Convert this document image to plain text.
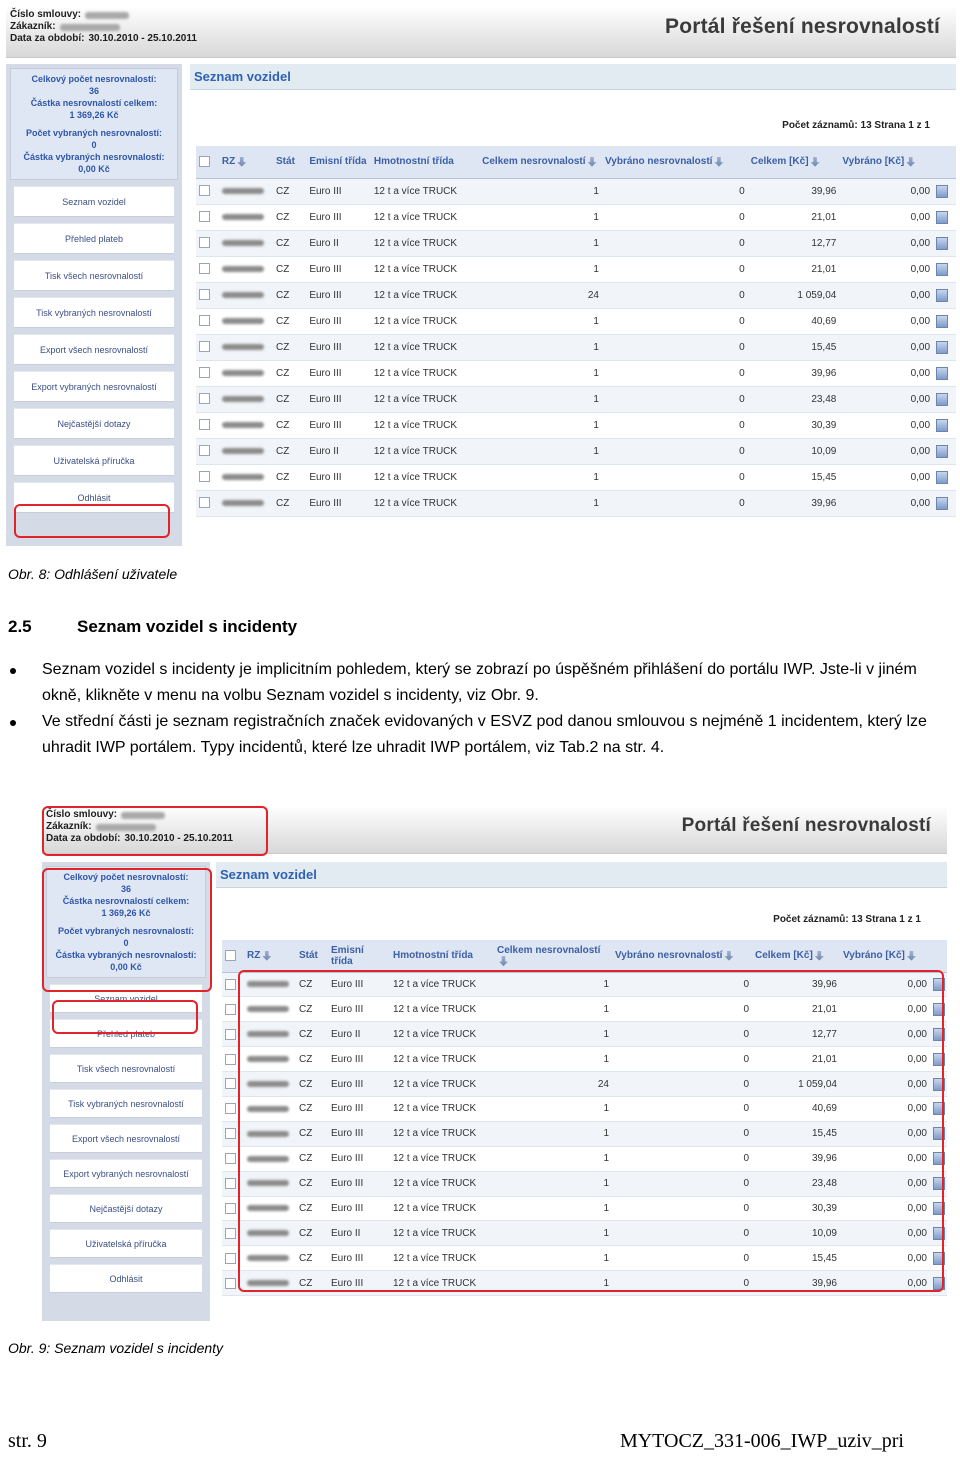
Číslo smlouvy:
Zákazník:
Data za období: 30.10.2010 - 25.10.2011
Portál řešení nesrovnalostí
Celkový počet nesrovnalostí:
36
Částka nesrovnalostí celkem:
1 369,26 Kč
Počet vybraných nesrovnalostí:
0
Částka vybraných nesrovnalostí:
0,00 Kč
Seznam vozidel
Přehled plateb
Tisk všech nesrovnalostí
Tisk vybraných nesrovnalostí
Export všech nesrovnalostí
Export vybraných nesrovnalostí
Nejčastější dotazy
Uživatelská příručka
Odhlásit
Seznam vozidel
Počet záznamů: 13 Strana 1 z 1
	RZ	Stát	Emisní třída	Hmotnostní třída	Celkem nesrovnalostí	Vybráno nesrovnalostí	Celkem [Kč]	Vybráno [Kč]	
		CZ	Euro III	12 t a více TRUCK	1	0	39,96	0,00	
		CZ	Euro III	12 t a více TRUCK	1	0	21,01	0,00	
		CZ	Euro II	12 t a více TRUCK	1	0	12,77	0,00	
		CZ	Euro III	12 t a více TRUCK	1	0	21,01	0,00	
		CZ	Euro III	12 t a více TRUCK	24	0	1 059,04	0,00	
		CZ	Euro III	12 t a více TRUCK	1	0	40,69	0,00	
		CZ	Euro III	12 t a více TRUCK	1	0	15,45	0,00	
		CZ	Euro III	12 t a více TRUCK	1	0	39,96	0,00	
		CZ	Euro III	12 t a více TRUCK	1	0	23,48	0,00	
		CZ	Euro III	12 t a více TRUCK	1	0	30,39	0,00	
		CZ	Euro II	12 t a více TRUCK	1	0	10,09	0,00	
		CZ	Euro III	12 t a více TRUCK	1	0	15,45	0,00	
		CZ	Euro III	12 t a více TRUCK	1	0	39,96	0,00	
Obr. 8: Odhlášení uživatele
2.5	Seznam vozidel s incidenty
Seznam vozidel s incidenty je implicitním pohledem, který se zobrazí po úspěšném přihlášení do portálu IWP. Jste-li v jiném okně, klikněte v menu na volbu Seznam vozidel s incidenty, viz Obr. 9.
Ve střední části je seznam registračních značek evidovaných v ESVZ pod danou smlouvou s nejméně 1 incidentem, který lze uhradit IWP portálem. Typy incidentů, které lze uhradit IWP portálem, viz Tab.2 na str. 4.
Číslo smlouvy:
Zákazník:
Data za období: 30.10.2010 - 25.10.2011
Portál řešení nesrovnalostí
Celkový počet nesrovnalostí:
36
Částka nesrovnalostí celkem:
1 369,26 Kč
Počet vybraných nesrovnalostí:
0
Částka vybraných nesrovnalostí:
0,00 Kč
Seznam vozidel
Přehled plateb
Tisk všech nesrovnalostí
Tisk vybraných nesrovnalostí
Export všech nesrovnalostí
Export vybraných nesrovnalostí
Nejčastější dotazy
Uživatelská příručka
Odhlásit
Seznam vozidel
Počet záznamů: 13 Strana 1 z 1
	RZ	Stát	Emisní třída	Hmotnostní třída	Celkem nesrovnalostí	Vybráno nesrovnalostí	Celkem [Kč]	Vybráno [Kč]	
		CZ	Euro III	12 t a více TRUCK	1	0	39,96	0,00	
		CZ	Euro III	12 t a více TRUCK	1	0	21,01	0,00	
		CZ	Euro II	12 t a více TRUCK	1	0	12,77	0,00	
		CZ	Euro III	12 t a více TRUCK	1	0	21,01	0,00	
		CZ	Euro III	12 t a více TRUCK	24	0	1 059,04	0,00	
		CZ	Euro III	12 t a více TRUCK	1	0	40,69	0,00	
		CZ	Euro III	12 t a více TRUCK	1	0	15,45	0,00	
		CZ	Euro III	12 t a více TRUCK	1	0	39,96	0,00	
		CZ	Euro III	12 t a více TRUCK	1	0	23,48	0,00	
		CZ	Euro III	12 t a více TRUCK	1	0	30,39	0,00	
		CZ	Euro II	12 t a více TRUCK	1	0	10,09	0,00	
		CZ	Euro III	12 t a více TRUCK	1	0	15,45	0,00	
		CZ	Euro III	12 t a více TRUCK	1	0	39,96	0,00	
Obr. 9: Seznam vozidel s incidenty
str. 9	MYTOCZ_331-006_IWP_uziv_pri
